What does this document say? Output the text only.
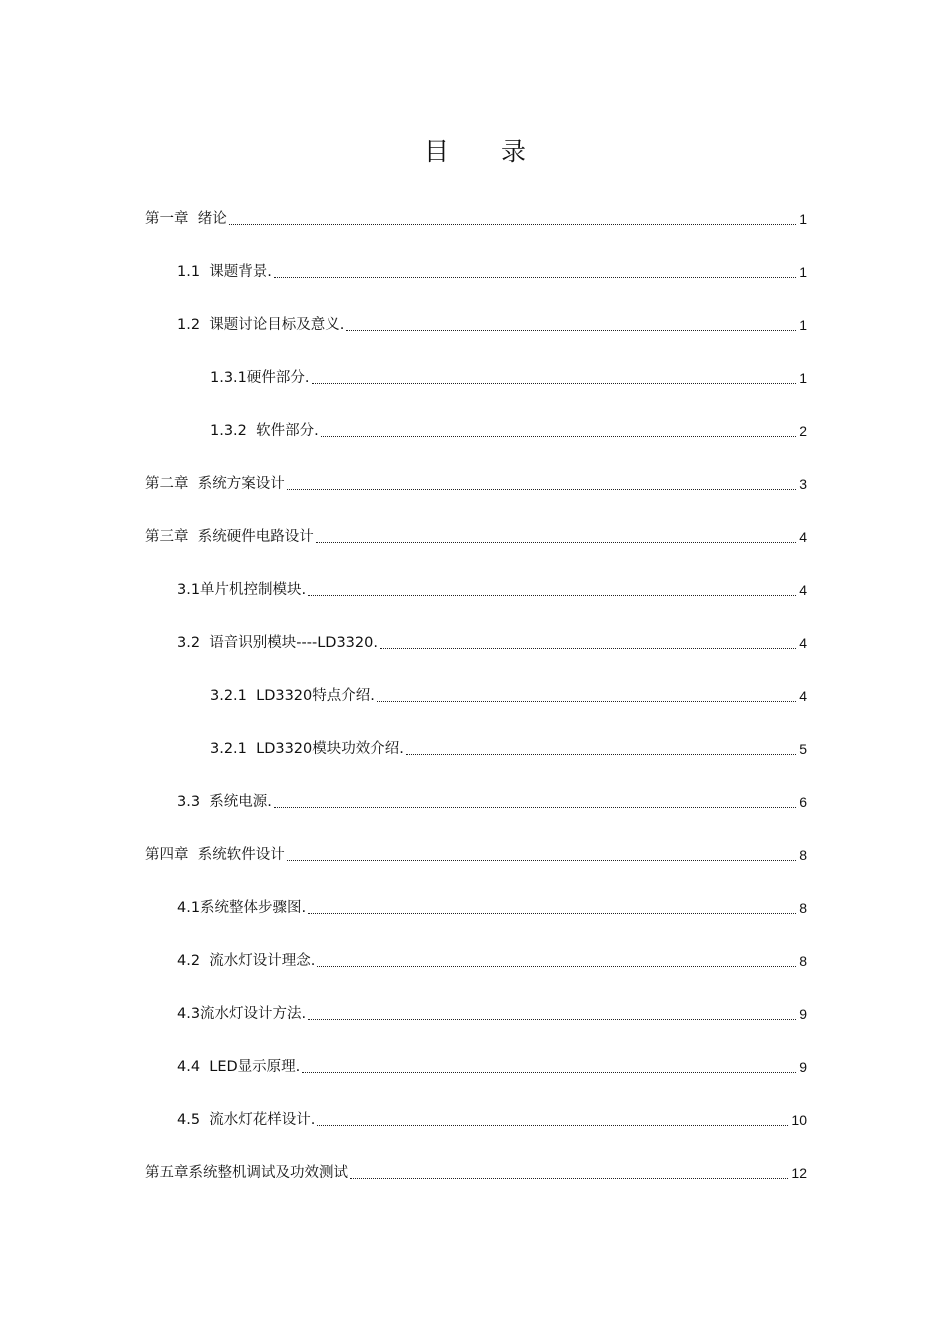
目 录
第一章  绪论	1
1.1  课题背景.	1
1.2  课题讨论目标及意义.	1
1.3.1硬件部分.	1
1.3.2  软件部分.	2
第二章  系统方案设计	3
第三章  系统硬件电路设计	4
3.1单片机控制模块.	4
3.2  语音识别模块----LD3320.	4
3.2.1  LD3320特点介绍.	4
3.2.1  LD3320模块功效介绍.	5
3.3  系统电源.	6
第四章  系统软件设计	8
4.1系统整体步骤图.	8
4.2  流水灯设计理念.	8
4.3流水灯设计方法.	9
4.4  LED显示原理.	9
4.5  流水灯花样设计.	10
第五章系统整机调试及功效测试	12
